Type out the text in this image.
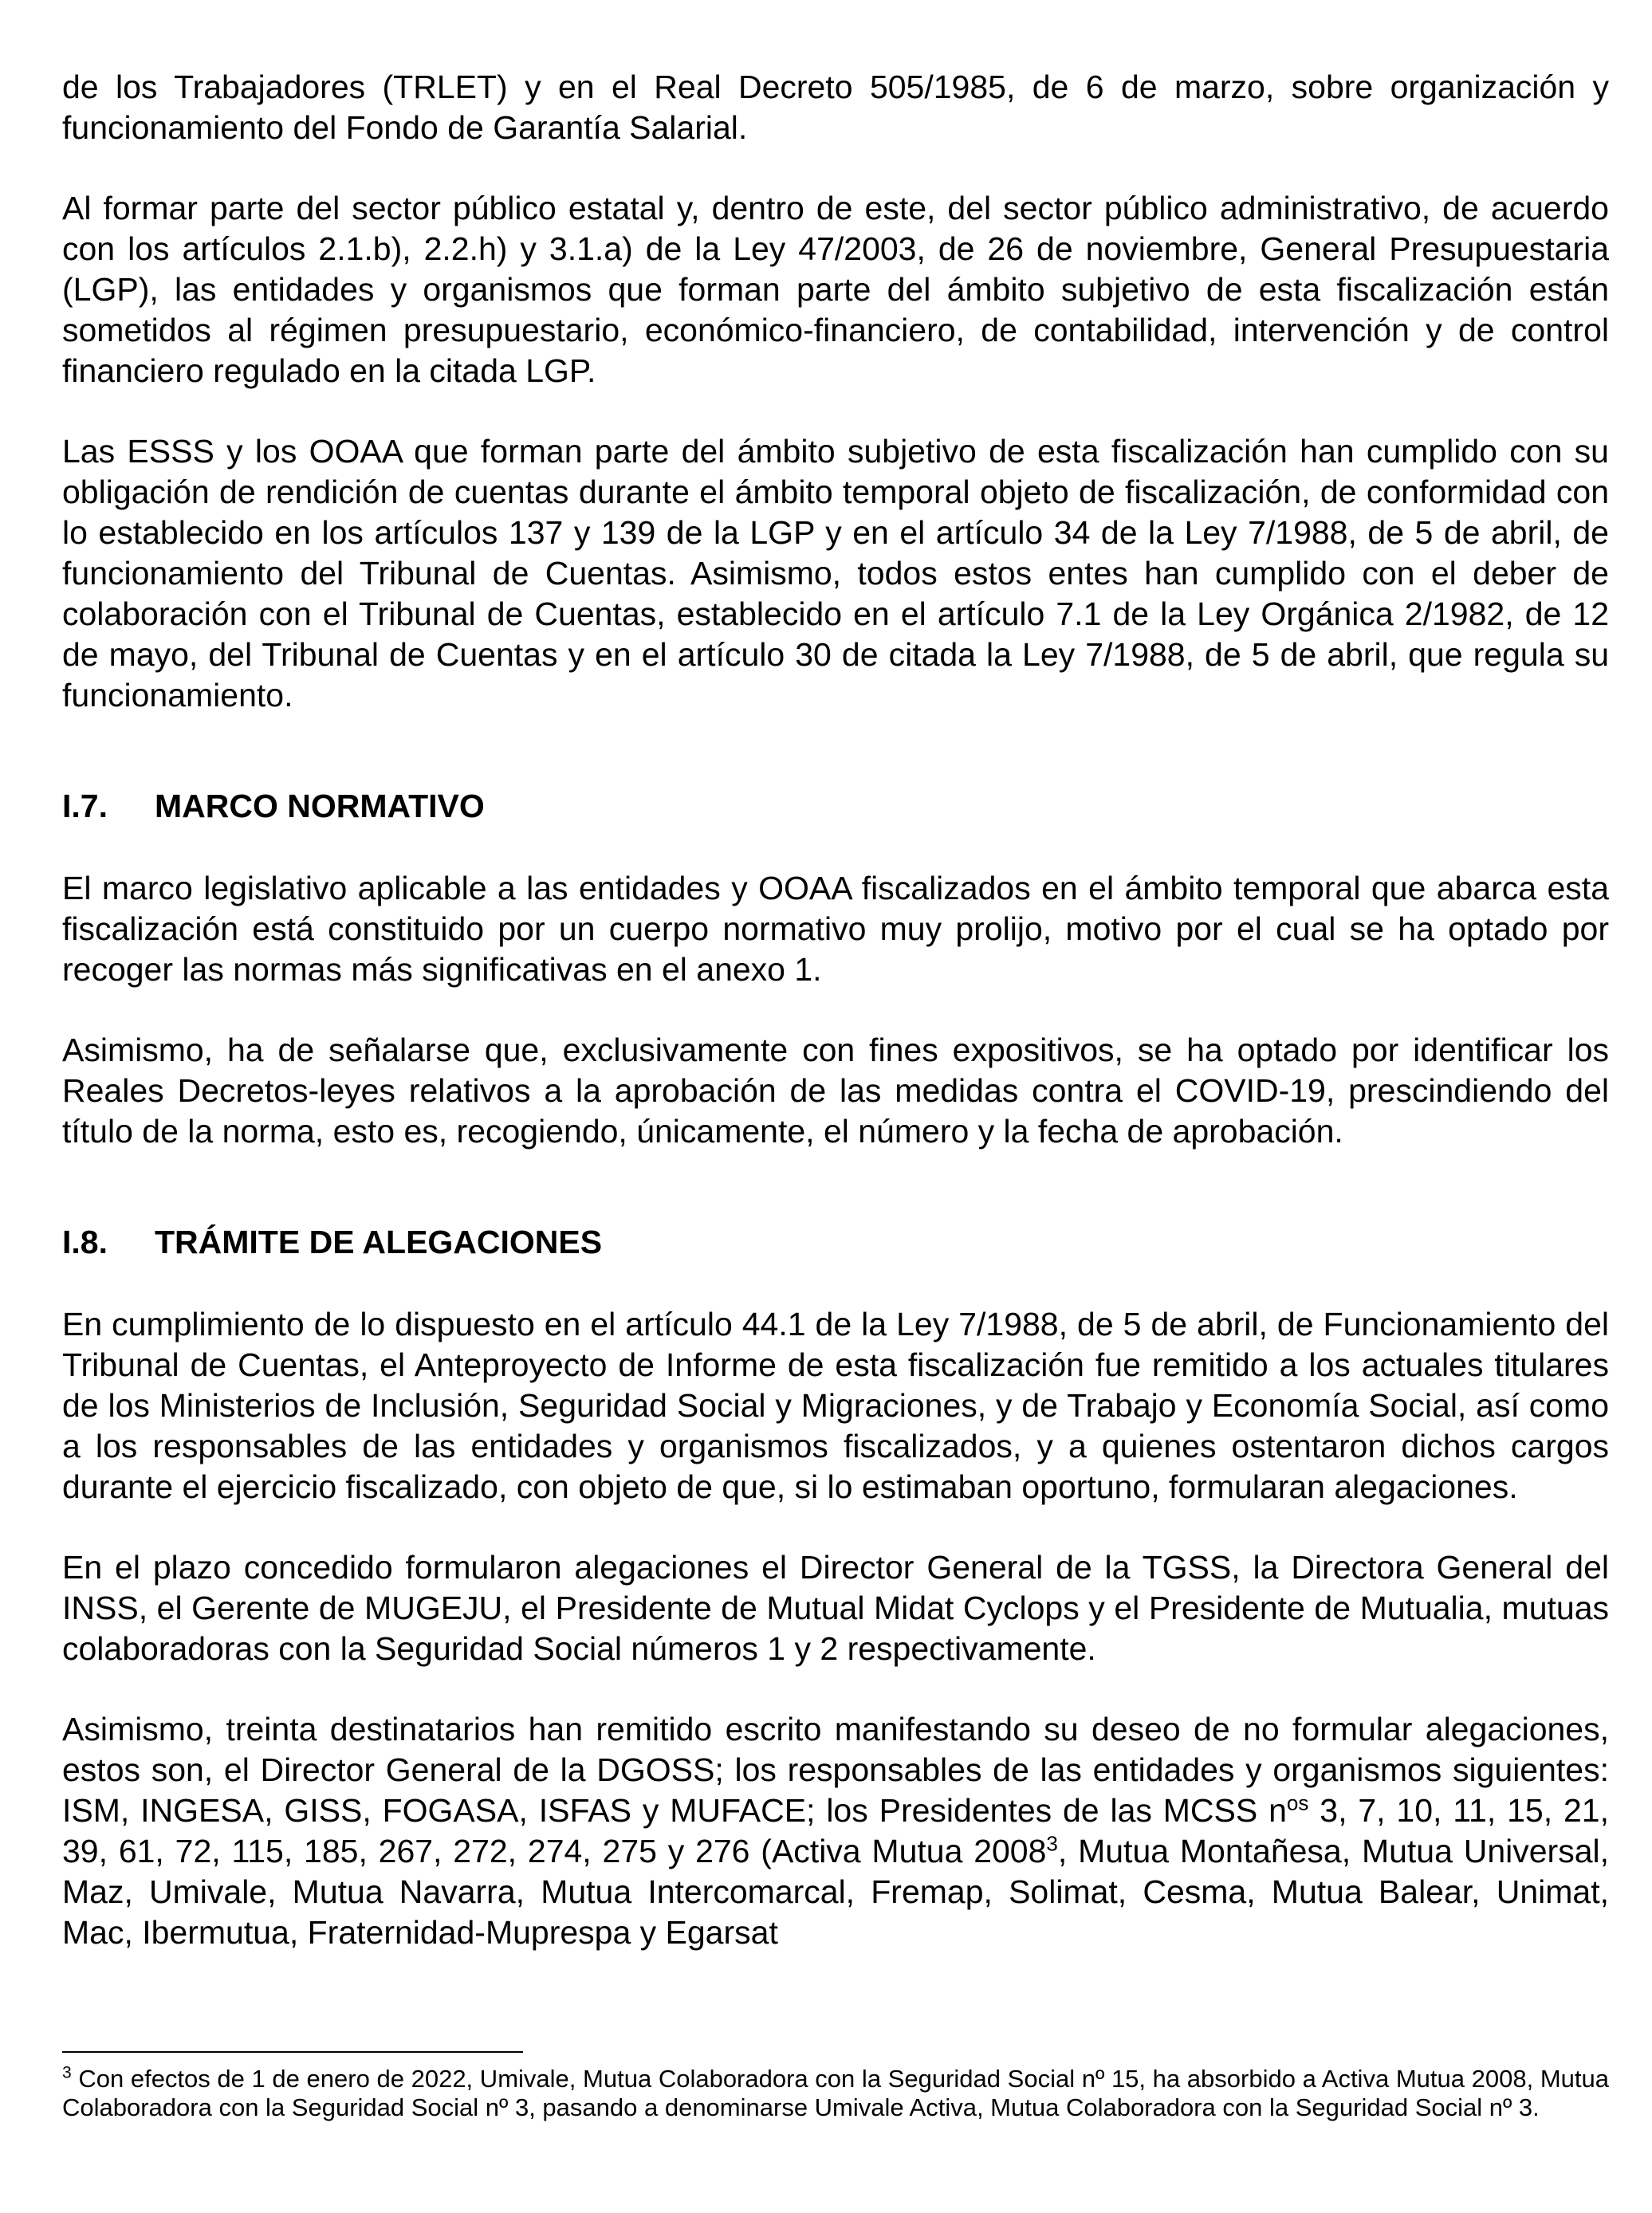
de los Trabajadores (TRLET) y en el Real Decreto 505/1985, de 6 de marzo, sobre organización y funcionamiento del Fondo de Garantía Salarial.

Al formar parte del sector público estatal y, dentro de este, del sector público administrativo, de acuerdo con los artículos 2.1.b), 2.2.h) y 3.1.a) de la Ley 47/2003, de 26 de noviembre, General Presupuestaria (LGP), las entidades y organismos que forman parte del ámbito subjetivo de esta fiscalización están sometidos al régimen presupuestario, económico-financiero, de contabilidad, intervención y de control financiero regulado en la citada LGP.

Las ESSS y los OOAA que forman parte del ámbito subjetivo de esta fiscalización han cumplido con su obligación de rendición de cuentas durante el ámbito temporal objeto de fiscalización, de conformidad con lo establecido en los artículos 137 y 139 de la LGP y en el artículo 34 de la Ley 7/1988, de 5 de abril, de funcionamiento del Tribunal de Cuentas. Asimismo, todos estos entes han cumplido con el deber de colaboración con el Tribunal de Cuentas, establecido en el artículo 7.1 de la Ley Orgánica 2/1982, de 12 de mayo, del Tribunal de Cuentas y en el artículo 30 de citada la Ley 7/1988, de 5 de abril, que regula su funcionamiento.

I.7. MARCO NORMATIVO

El marco legislativo aplicable a las entidades y OOAA fiscalizados en el ámbito temporal que abarca esta fiscalización está constituido por un cuerpo normativo muy prolijo, motivo por el cual se ha optado por recoger las normas más significativas en el anexo 1.

Asimismo, ha de señalarse que, exclusivamente con fines expositivos, se ha optado por identificar los Reales Decretos-leyes relativos a la aprobación de las medidas contra el COVID-19, prescindiendo del título de la norma, esto es, recogiendo, únicamente, el número y la fecha de aprobación.

I.8. TRÁMITE DE ALEGACIONES

En cumplimiento de lo dispuesto en el artículo 44.1 de la Ley 7/1988, de 5 de abril, de Funcionamiento del Tribunal de Cuentas, el Anteproyecto de Informe de esta fiscalización fue remitido a los actuales titulares de los Ministerios de Inclusión, Seguridad Social y Migraciones, y de Trabajo y Economía Social, así como a los responsables de las entidades y organismos fiscalizados, y a quienes ostentaron dichos cargos durante el ejercicio fiscalizado, con objeto de que, si lo estimaban oportuno, formularan alegaciones.

En el plazo concedido formularon alegaciones el Director General de la TGSS, la Directora General del INSS, el Gerente de MUGEJU, el Presidente de Mutual Midat Cyclops y el Presidente de Mutualia, mutuas colaboradoras con la Seguridad Social números 1 y 2 respectivamente.

Asimismo, treinta destinatarios han remitido escrito manifestando su deseo de no formular alegaciones, estos son, el Director General de la DGOSS; los responsables de las entidades y organismos siguientes: ISM, INGESA, GISS, FOGASA, ISFAS y MUFACE; los Presidentes de las MCSS $n^{os}$ 3, 7, 10, 11, 15, 21, 39, 61, 72, 115, 185, 267, 272, 274, 275 y 276 (Activa Mutua 2008$^3$, Mutua Montañesa, Mutua Universal, Maz, Umivale, Mutua Navarra, Mutua Intercomarcal, Fremap, Solimat, Cesma, Mutua Balear, Unimat, Mac, Ibermutua, Fraternidad-Muprespa y Egarsat

$^3$ Con efectos de 1 de enero de 2022, Umivale, Mutua Colaboradora con la Seguridad Social nº 15, ha absorbido a Activa Mutua 2008, Mutua Colaboradora con la Seguridad Social nº 3, pasando a denominarse Umivale Activa, Mutua Colaboradora con la Seguridad Social nº 3.
